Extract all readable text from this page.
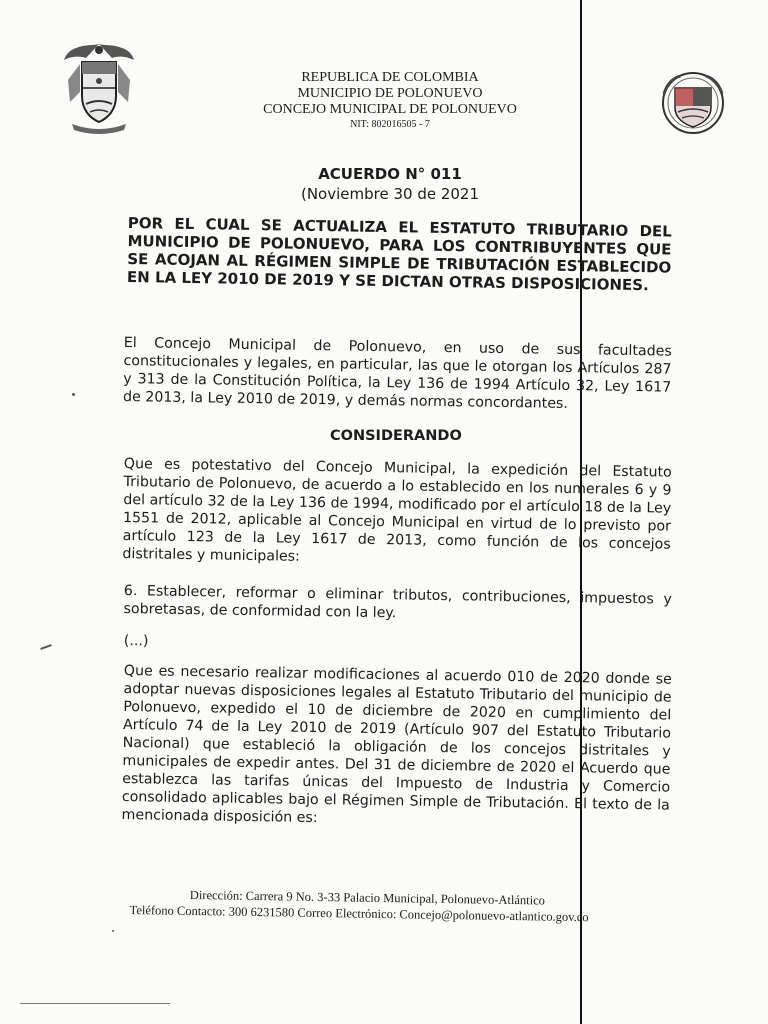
REPUBLICA DE COLOMBIA
MUNICIPIO DE POLONUEVO
CONCEJO MUNICIPAL DE POLONUEVO
NIT: 802016505 - 7
ACUERDO N° 011
(Noviembre 30 de 2021
POR EL CUAL SE ACTUALIZA EL ESTATUTO TRIBUTARIO DEL MUNICIPIO DE POLONUEVO, PARA LOS CONTRIBUYENTES QUE SE ACOJAN AL RÉGIMEN SIMPLE DE TRIBUTACIÓN ESTABLECIDO EN LA LEY 2010 DE 2019 Y SE DICTAN OTRAS DISPOSICIONES.

El Concejo Municipal de Polonuevo, en uso de sus facultades constitucionales y legales, en particular, las que le otorgan los Artículos 287 y 313 de la Constitución Política, la Ley 136 de 1994 Artículo 32, Ley 1617 de 2013, la Ley 2010 de 2019, y demás normas concordantes.

CONSIDERANDO

Que es potestativo del Concejo Municipal, la expedición del Estatuto Tributario de Polonuevo, de acuerdo a lo establecido en los numerales 6 y 9 del artículo 32 de la Ley 136 de 1994, modificado por el artículo 18 de la Ley 1551 de 2012, aplicable al Concejo Municipal en virtud de lo previsto por artículo 123 de la Ley 1617 de 2013, como función de los concejos distritales y municipales:

6. Establecer, reformar o eliminar tributos, contribuciones, impuestos y sobretasas, de conformidad con la ley.

(...)

Que es necesario realizar modificaciones al acuerdo 010 de 2020 donde se adoptar nuevas disposiciones legales al Estatuto Tributario del municipio de Polonuevo, expedido el 10 de diciembre de 2020 en cumplimiento del Artículo 74 de la Ley 2010 de 2019 (Artículo 907 del Estatuto Tributario Nacional) que estableció la obligación de los concejos distritales y municipales de expedir antes. Del 31 de diciembre de 2020 el Acuerdo que establezca las tarifas únicas del Impuesto de Industria y Comercio consolidado aplicables bajo el Régimen Simple de Tributación. El texto de la mencionada disposición es:

Dirección: Carrera 9 No. 3-33 Palacio Municipal, Polonuevo-Atlántico
Teléfono Contacto: 300 6231580 Correo Electrónico: Concejo@polonuevo-atlantico.gov.co
